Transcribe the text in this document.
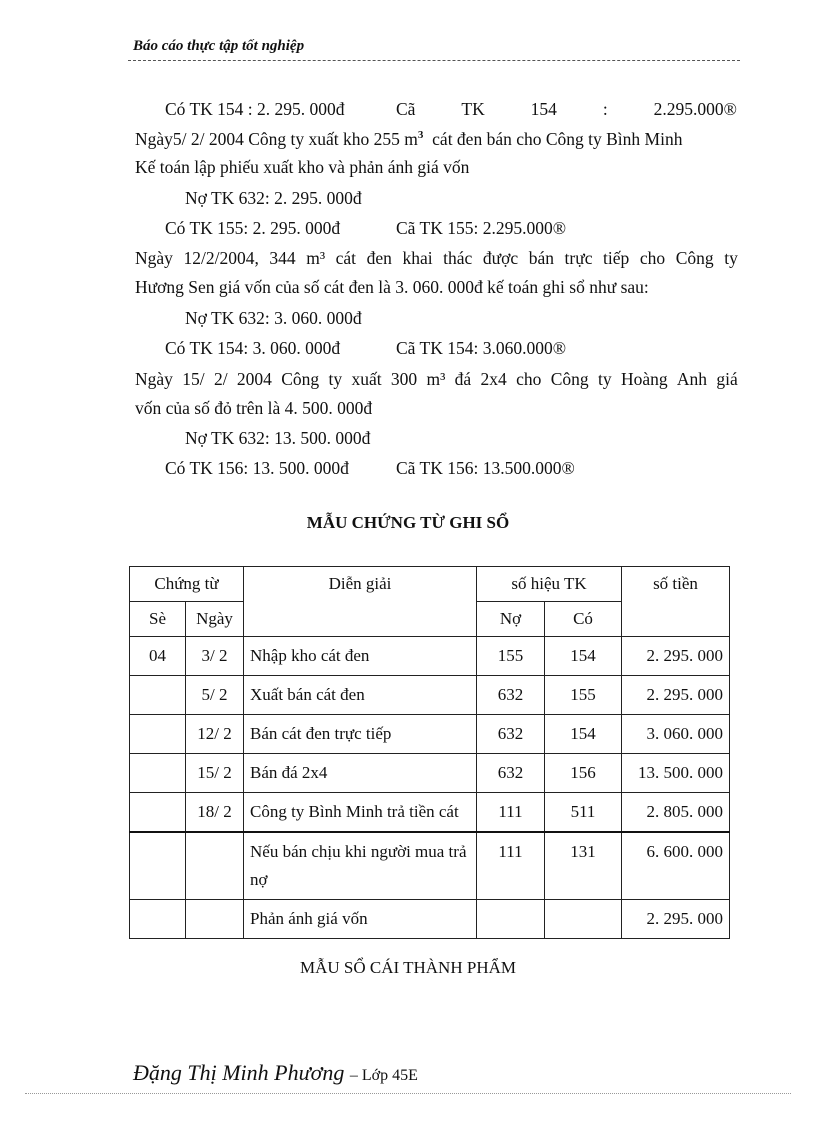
Báo cáo thực tập tốt nghiệp
Có TK 154 : 2. 295. 000đ	Cã	TK	154	:	2.295.000®
Ngày5/ 2/ 2004 Công ty xuất kho 255 $m^3$ cát đen bán cho Công ty Bình Minh
Kế toán lập phiếu xuất kho và phản ánh giá vốn
Nợ TK 632: 2. 295. 000đ
Có TK 155: 2. 295. 000đ	Cã TK 155: 2.295.000®
Ngày 12/2/2004, 344 m³ cát đen khai thác được bán trực tiếp cho Công ty
Hương Sen giá vốn của số cát đen là 3. 060. 000đ kế toán ghi sổ như sau:
Nợ TK 632: 3. 060. 000đ
Có TK 154: 3. 060. 000đ	Cã TK 154: 3.060.000®
Ngày 15/ 2/ 2004 Công ty xuất 300 m³ đá 2x4 cho Công ty Hoàng Anh giá
vốn của số đỏ trên là 4. 500. 000đ
Nợ TK 632: 13. 500. 000đ
Có TK 156: 13. 500. 000đ	Cã TK 156: 13.500.000®
MẪU CHỨNG TỪ GHI SỔ
Chứng từ		Diễn giải	số hiệu TK		số tiền
Sè	Ngày		Nợ	Có	
04	3/ 2	Nhập kho cát đen	155	154	2. 295. 000
	5/ 2	Xuất bán cát đen	632	155	2. 295. 000
	12/ 2	Bán cát đen trực tiếp	632	154	3. 060. 000
	15/ 2	Bán đá 2x4	632	156	13. 500. 000
	18/ 2	Công ty Bình Minh trả tiền cát	111	511	2. 805. 000
		Nếu bán chịu khi người mua trả nợ	111	131	6. 600. 000
		Phản ánh giá vốn			2. 295. 000
MẪU SỔ CÁI THÀNH PHẨM
Đặng Thị Minh Phương – Lớp 45E
